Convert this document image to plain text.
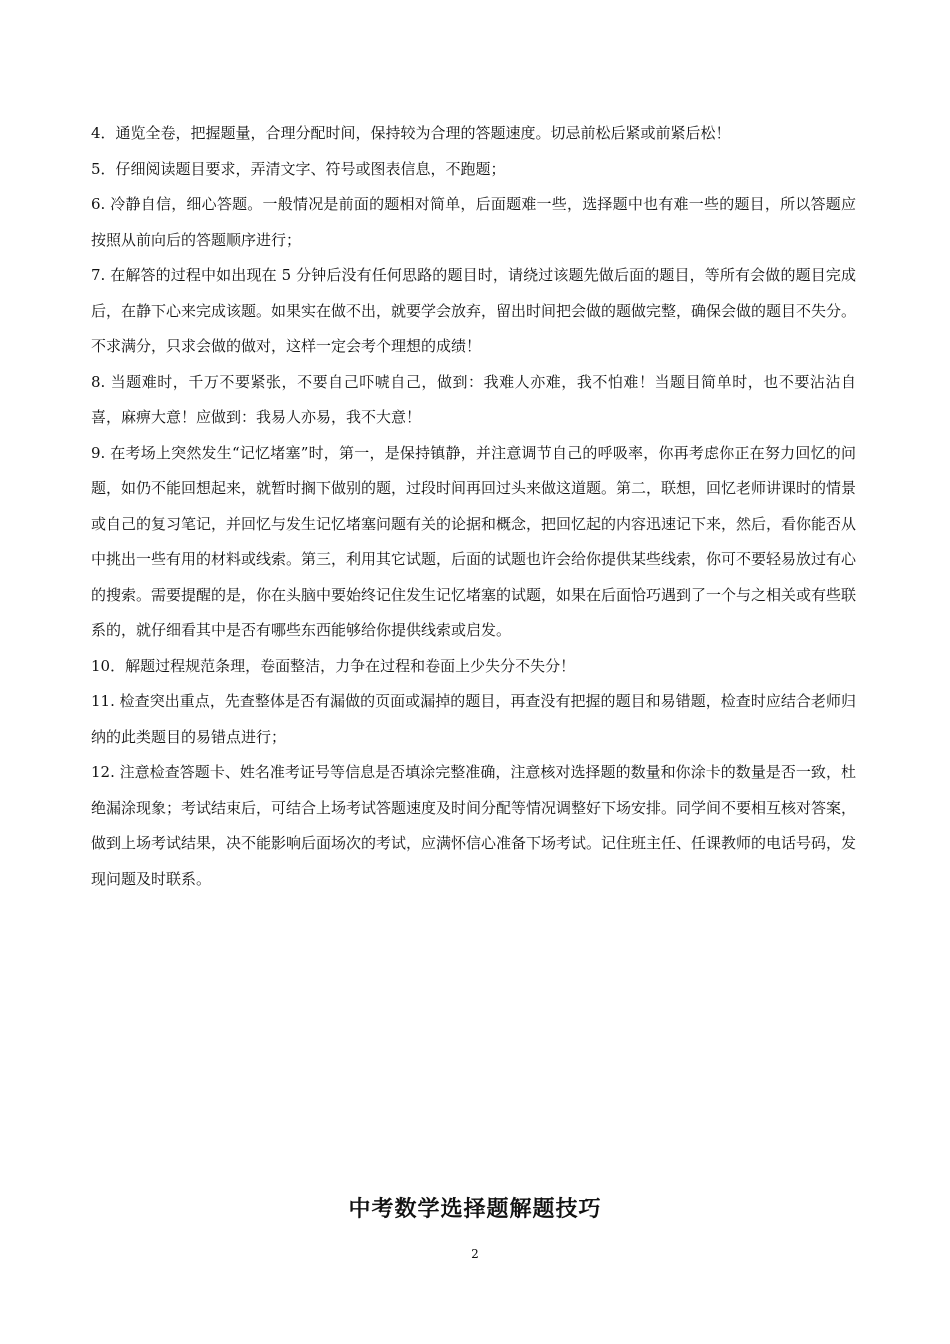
4．通览全卷，把握题量，合理分配时间，保持较为合理的答题速度。切忌前松后紧或前紧后松！

5．仔细阅读题目要求，弄清文字、符号或图表信息，不跑题；

6. 冷静自信，细心答题。一般情况是前面的题相对简单，后面题难一些，选择题中也有难一些的题目，所以答题应按照从前向后的答题顺序进行；

7. 在解答的过程中如出现在 5 分钟后没有任何思路的题目时，请绕过该题先做后面的题目，等所有会做的题目完成后，在静下心来完成该题。如果实在做不出，就要学会放弃，留出时间把会做的题做完整，确保会做的题目不失分。不求满分，只求会做的做对，这样一定会考个理想的成绩！

8. 当题难时，千万不要紧张，不要自己吓唬自己，做到：我难人亦难，我不怕难！当题目简单时，也不要沾沾自喜，麻痹大意！应做到：我易人亦易，我不大意！

9. 在考场上突然发生“记忆堵塞”时，第一，是保持镇静，并注意调节自己的呼吸率，你再考虑你正在努力回忆的问题，如仍不能回想起来，就暂时搁下做别的题，过段时间再回过头来做这道题。第二，联想，回忆老师讲课时的情景或自己的复习笔记，并回忆与发生记忆堵塞问题有关的论据和概念，把回忆起的内容迅速记下来，然后，看你能否从中挑出一些有用的材料或线索。第三，利用其它试题，后面的试题也许会给你提供某些线索，你可不要轻易放过有心的搜索。需要提醒的是，你在头脑中要始终记住发生记忆堵塞的试题，如果在后面恰巧遇到了一个与之相关或有些联系的，就仔细看其中是否有哪些东西能够给你提供线索或启发。

10．解题过程规范条理，卷面整洁，力争在过程和卷面上少失分不失分！

11. 检查突出重点，先查整体是否有漏做的页面或漏掉的题目，再查没有把握的题目和易错题，检查时应结合老师归纳的此类题目的易错点进行；

12. 注意检查答题卡、姓名准考证号等信息是否填涂完整准确，注意核对选择题的数量和你涂卡的数量是否一致，杜绝漏涂现象；考试结束后，可结合上场考试答题速度及时间分配等情况调整好下场安排。同学间不要相互核对答案，做到上场考试结果，决不能影响后面场次的考试，应满怀信心准备下场考试。记住班主任、任课教师的电话号码，发现问题及时联系。

中考数学选择题解题技巧
2
